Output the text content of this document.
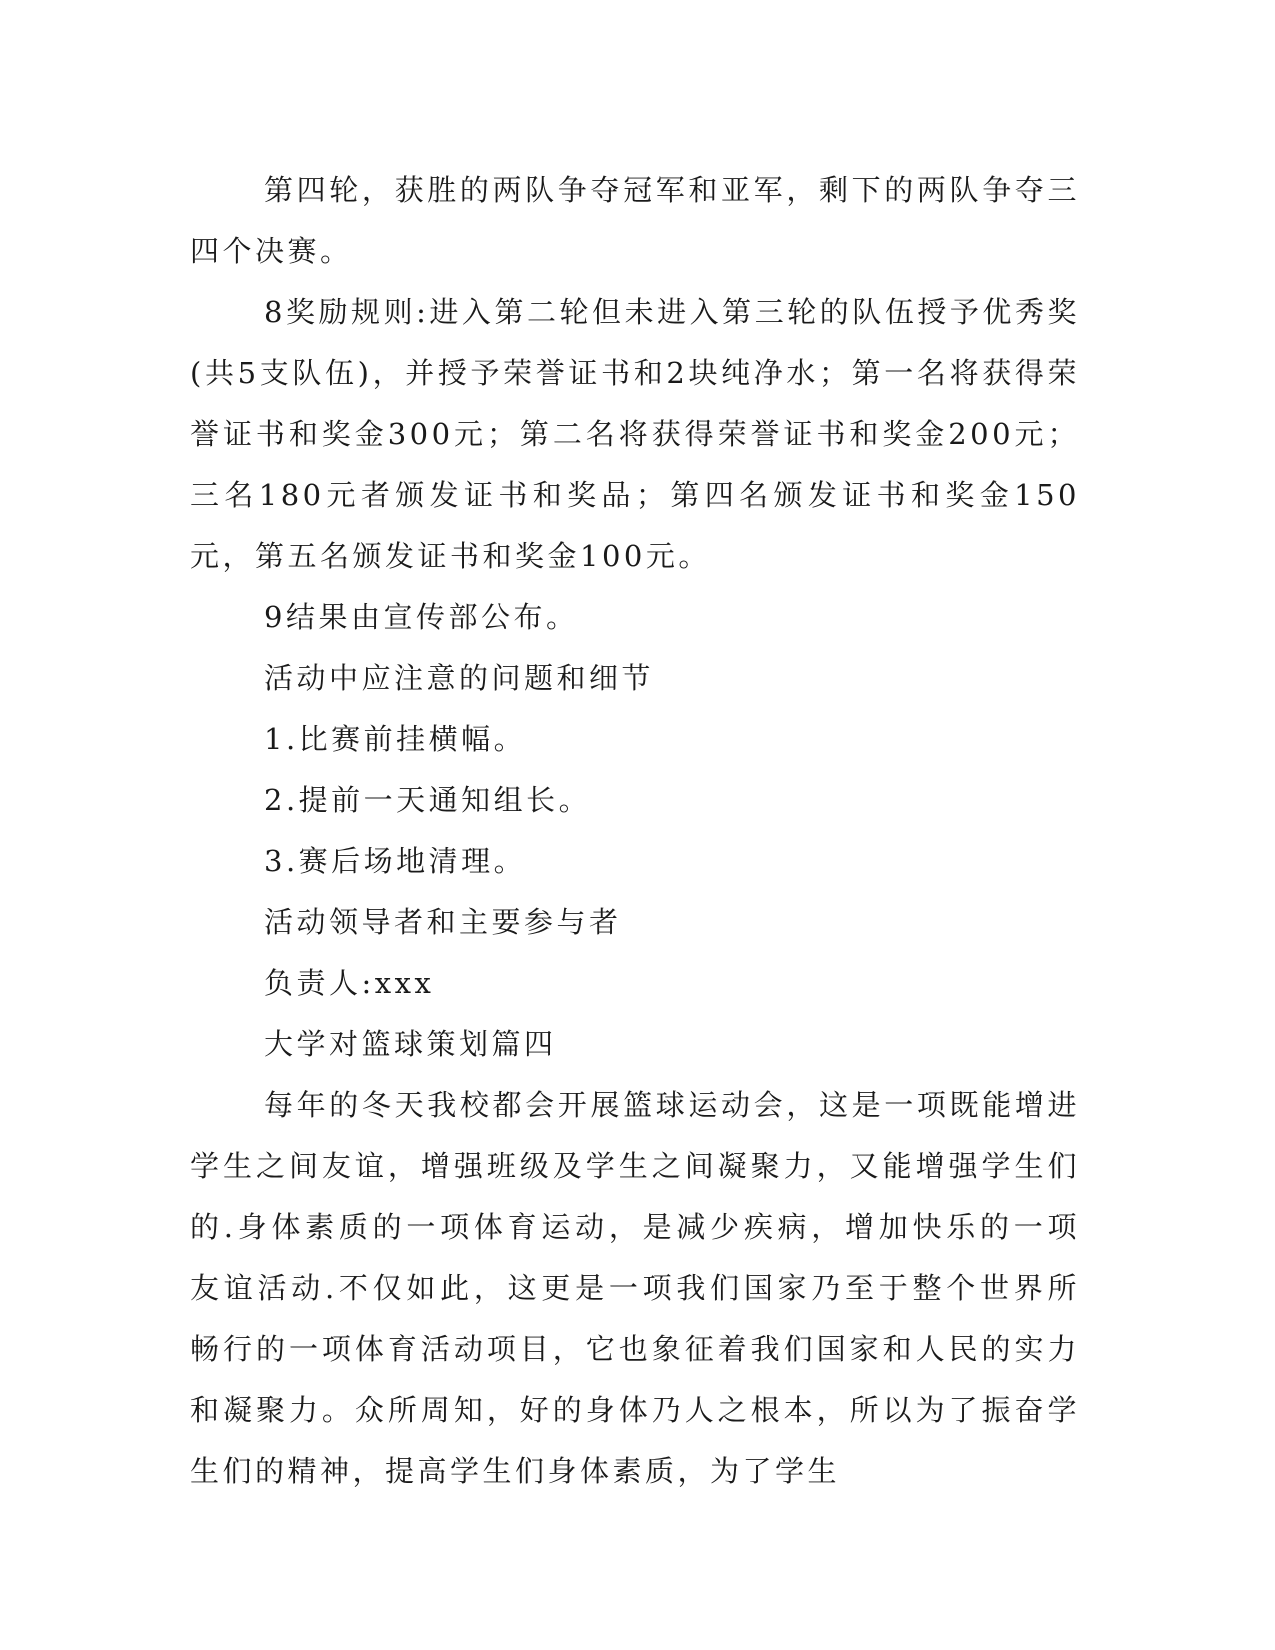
第四轮，获胜的两队争夺冠军和亚军，剩下的两队争夺三四个决赛。

8奖励规则:进入第二轮但未进入第三轮的队伍授予优秀奖(共5支队伍)，并授予荣誉证书和2块纯净水；第一名将获得荣誉证书和奖金300元；第二名将获得荣誉证书和奖金200元；三名180元者颁发证书和奖品；第四名颁发证书和奖金150元，第五名颁发证书和奖金100元。

9结果由宣传部公布。

活动中应注意的问题和细节

1.比赛前挂横幅。

2.提前一天通知组长。

3.赛后场地清理。

活动领导者和主要参与者

负责人:xxx

大学对篮球策划篇四

每年的冬天我校都会开展篮球运动会，这是一项既能增进学生之间友谊，增强班级及学生之间凝聚力，又能增强学生们的.身体素质的一项体育运动，是减少疾病，增加快乐的一项友谊活动.不仅如此，这更是一项我们国家乃至于整个世界所畅行的一项体育活动项目，它也象征着我们国家和人民的实力和凝聚力。众所周知，好的身体乃人之根本，所以为了振奋学生们的精神，提高学生们身体素质，为了学生
